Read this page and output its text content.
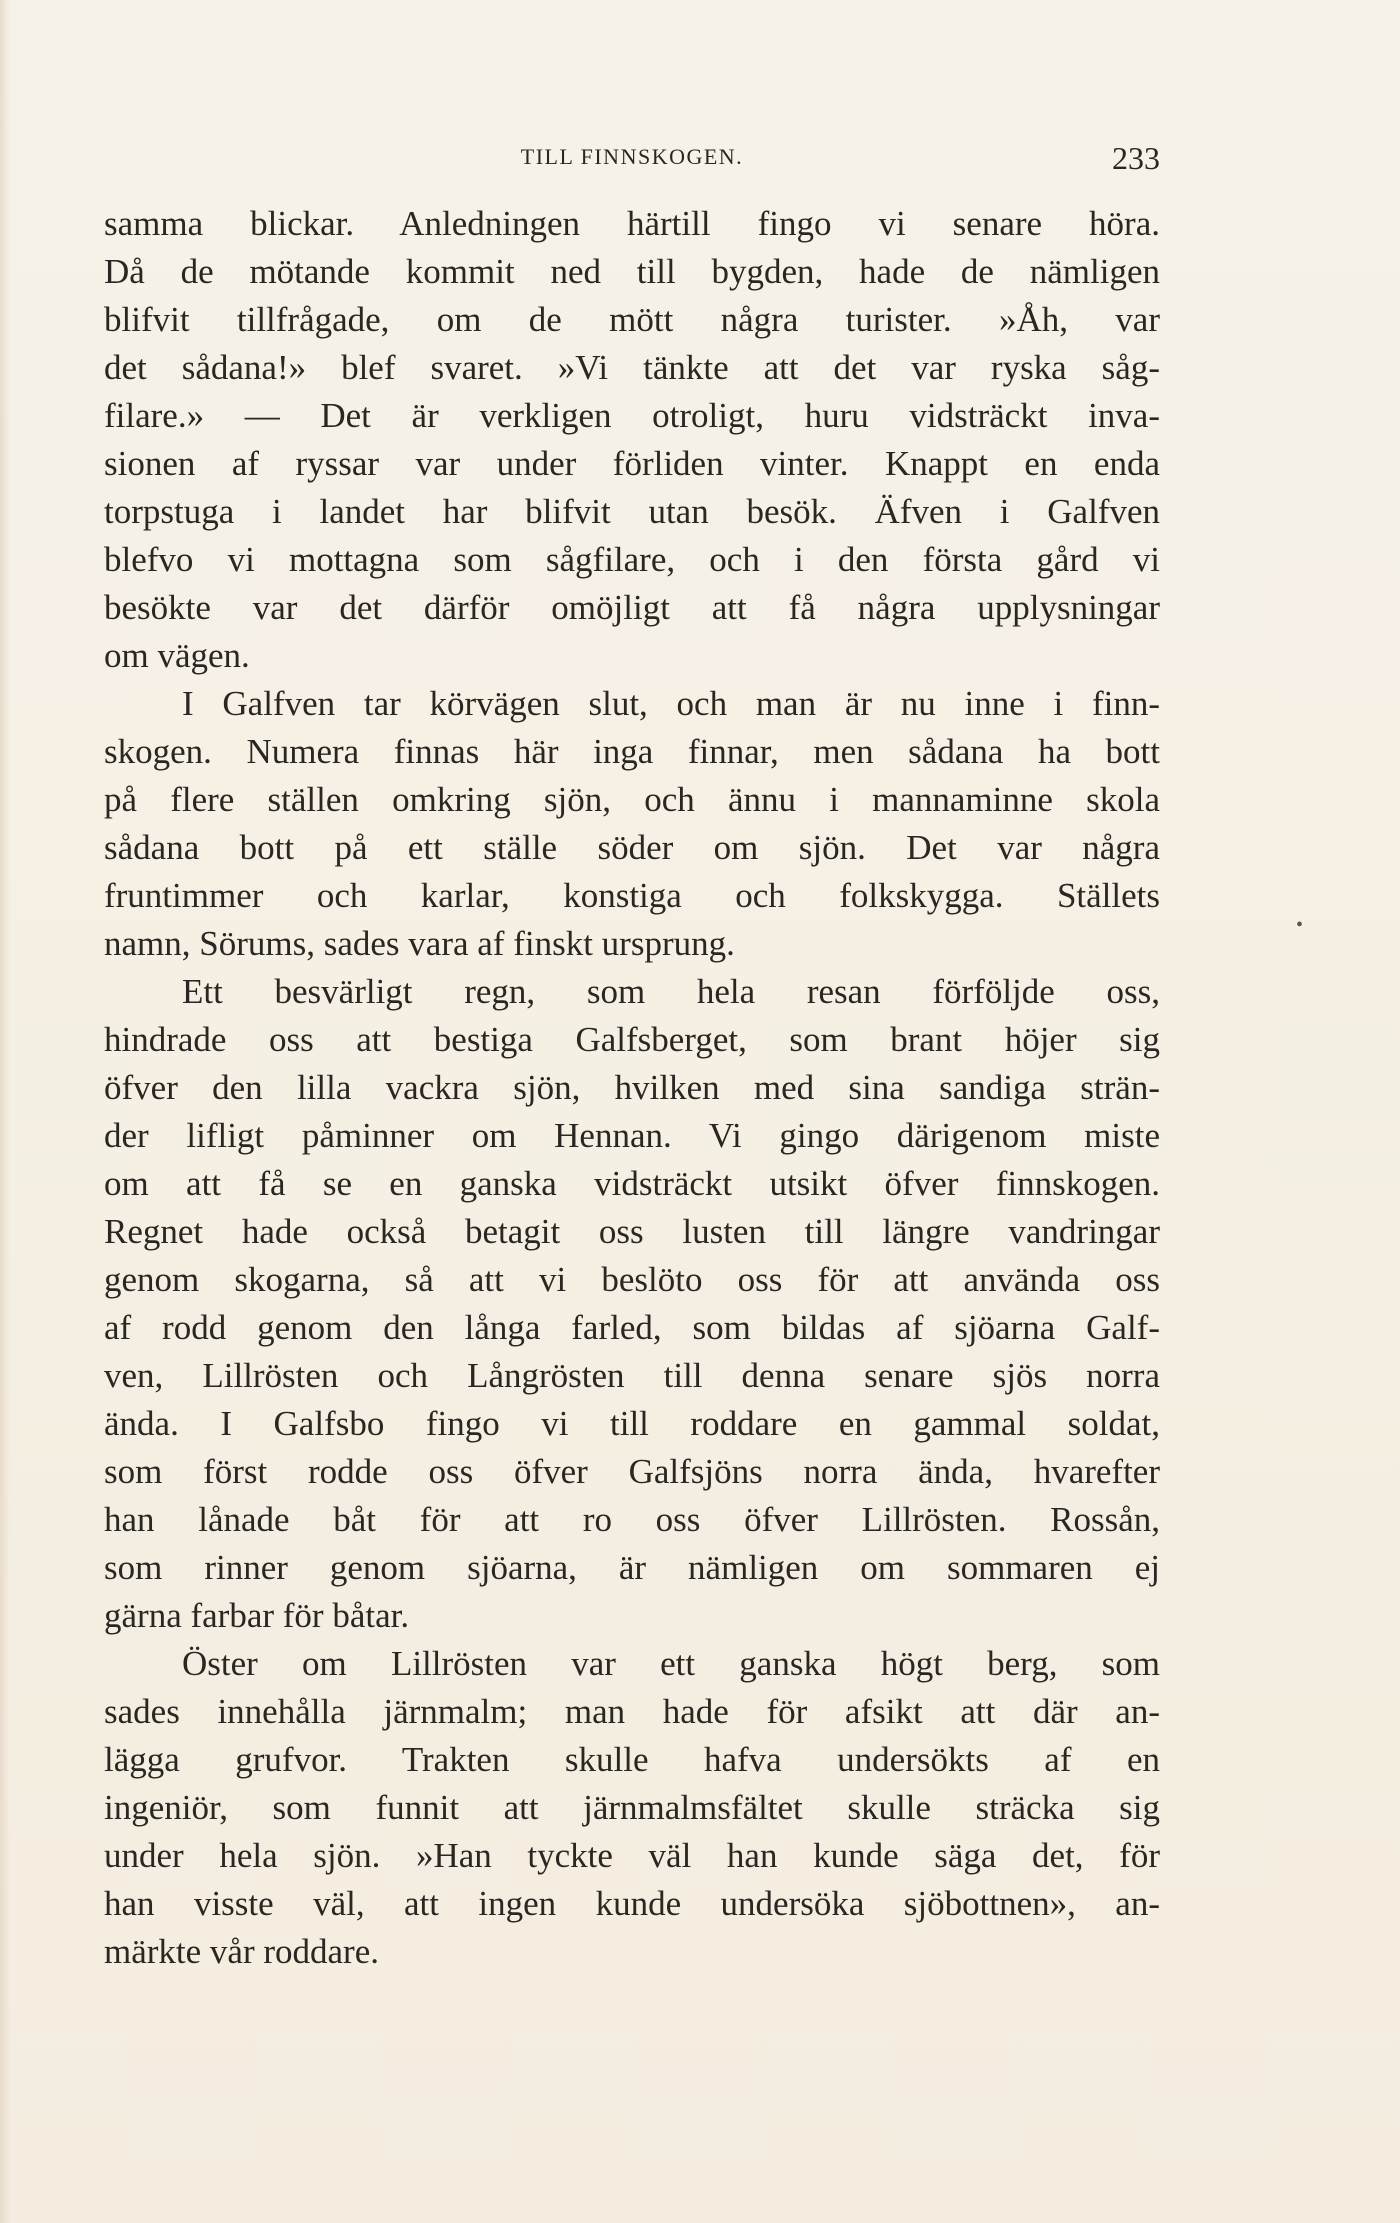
TILL FINNSKOGEN.	233
samma blickar. Anledningen härtill fingo vi senare höra.
Då de mötande kommit ned till bygden, hade de nämligen
blifvit tillfrågade, om de mött några turister. »Åh, var
det sådana!» blef svaret. »Vi tänkte att det var ryska såg-
filare.» — Det är verkligen otroligt, huru vidsträckt inva-
sionen af ryssar var under förliden vinter. Knappt en enda
torpstuga i landet har blifvit utan besök. Äfven i Galfven
blefvo vi mottagna som sågfilare, och i den första gård vi
besökte var det därför omöjligt att få några upplysningar
om vägen.
I Galfven tar körvägen slut, och man är nu inne i finn-
skogen. Numera finnas här inga finnar, men sådana ha bott
på flere ställen omkring sjön, och ännu i mannaminne skola
sådana bott på ett ställe söder om sjön. Det var några
fruntimmer och karlar, konstiga och folkskygga. Ställets
namn, Sörums, sades vara af finskt ursprung.
Ett besvärligt regn, som hela resan förföljde oss,
hindrade oss att bestiga Galfsberget, som brant höjer sig
öfver den lilla vackra sjön, hvilken med sina sandiga strän-
der lifligt påminner om Hennan. Vi gingo därigenom miste
om att få se en ganska vidsträckt utsikt öfver finnskogen.
Regnet hade också betagit oss lusten till längre vandringar
genom skogarna, så att vi beslöto oss för att använda oss
af rodd genom den långa farled, som bildas af sjöarna Galf-
ven, Lillrösten och Långrösten till denna senare sjös norra
ända. I Galfsbo fingo vi till roddare en gammal soldat,
som först rodde oss öfver Galfsjöns norra ända, hvarefter
han lånade båt för att ro oss öfver Lillrösten. Rossån,
som rinner genom sjöarna, är nämligen om sommaren ej
gärna farbar för båtar.
Öster om Lillrösten var ett ganska högt berg, som
sades innehålla järnmalm; man hade för afsikt att där an-
lägga grufvor. Trakten skulle hafva undersökts af en
ingeniör, som funnit att järnmalmsfältet skulle sträcka sig
under hela sjön. »Han tyckte väl han kunde säga det, för
han visste väl, att ingen kunde undersöka sjöbottnen», an-
märkte vår roddare.
•
